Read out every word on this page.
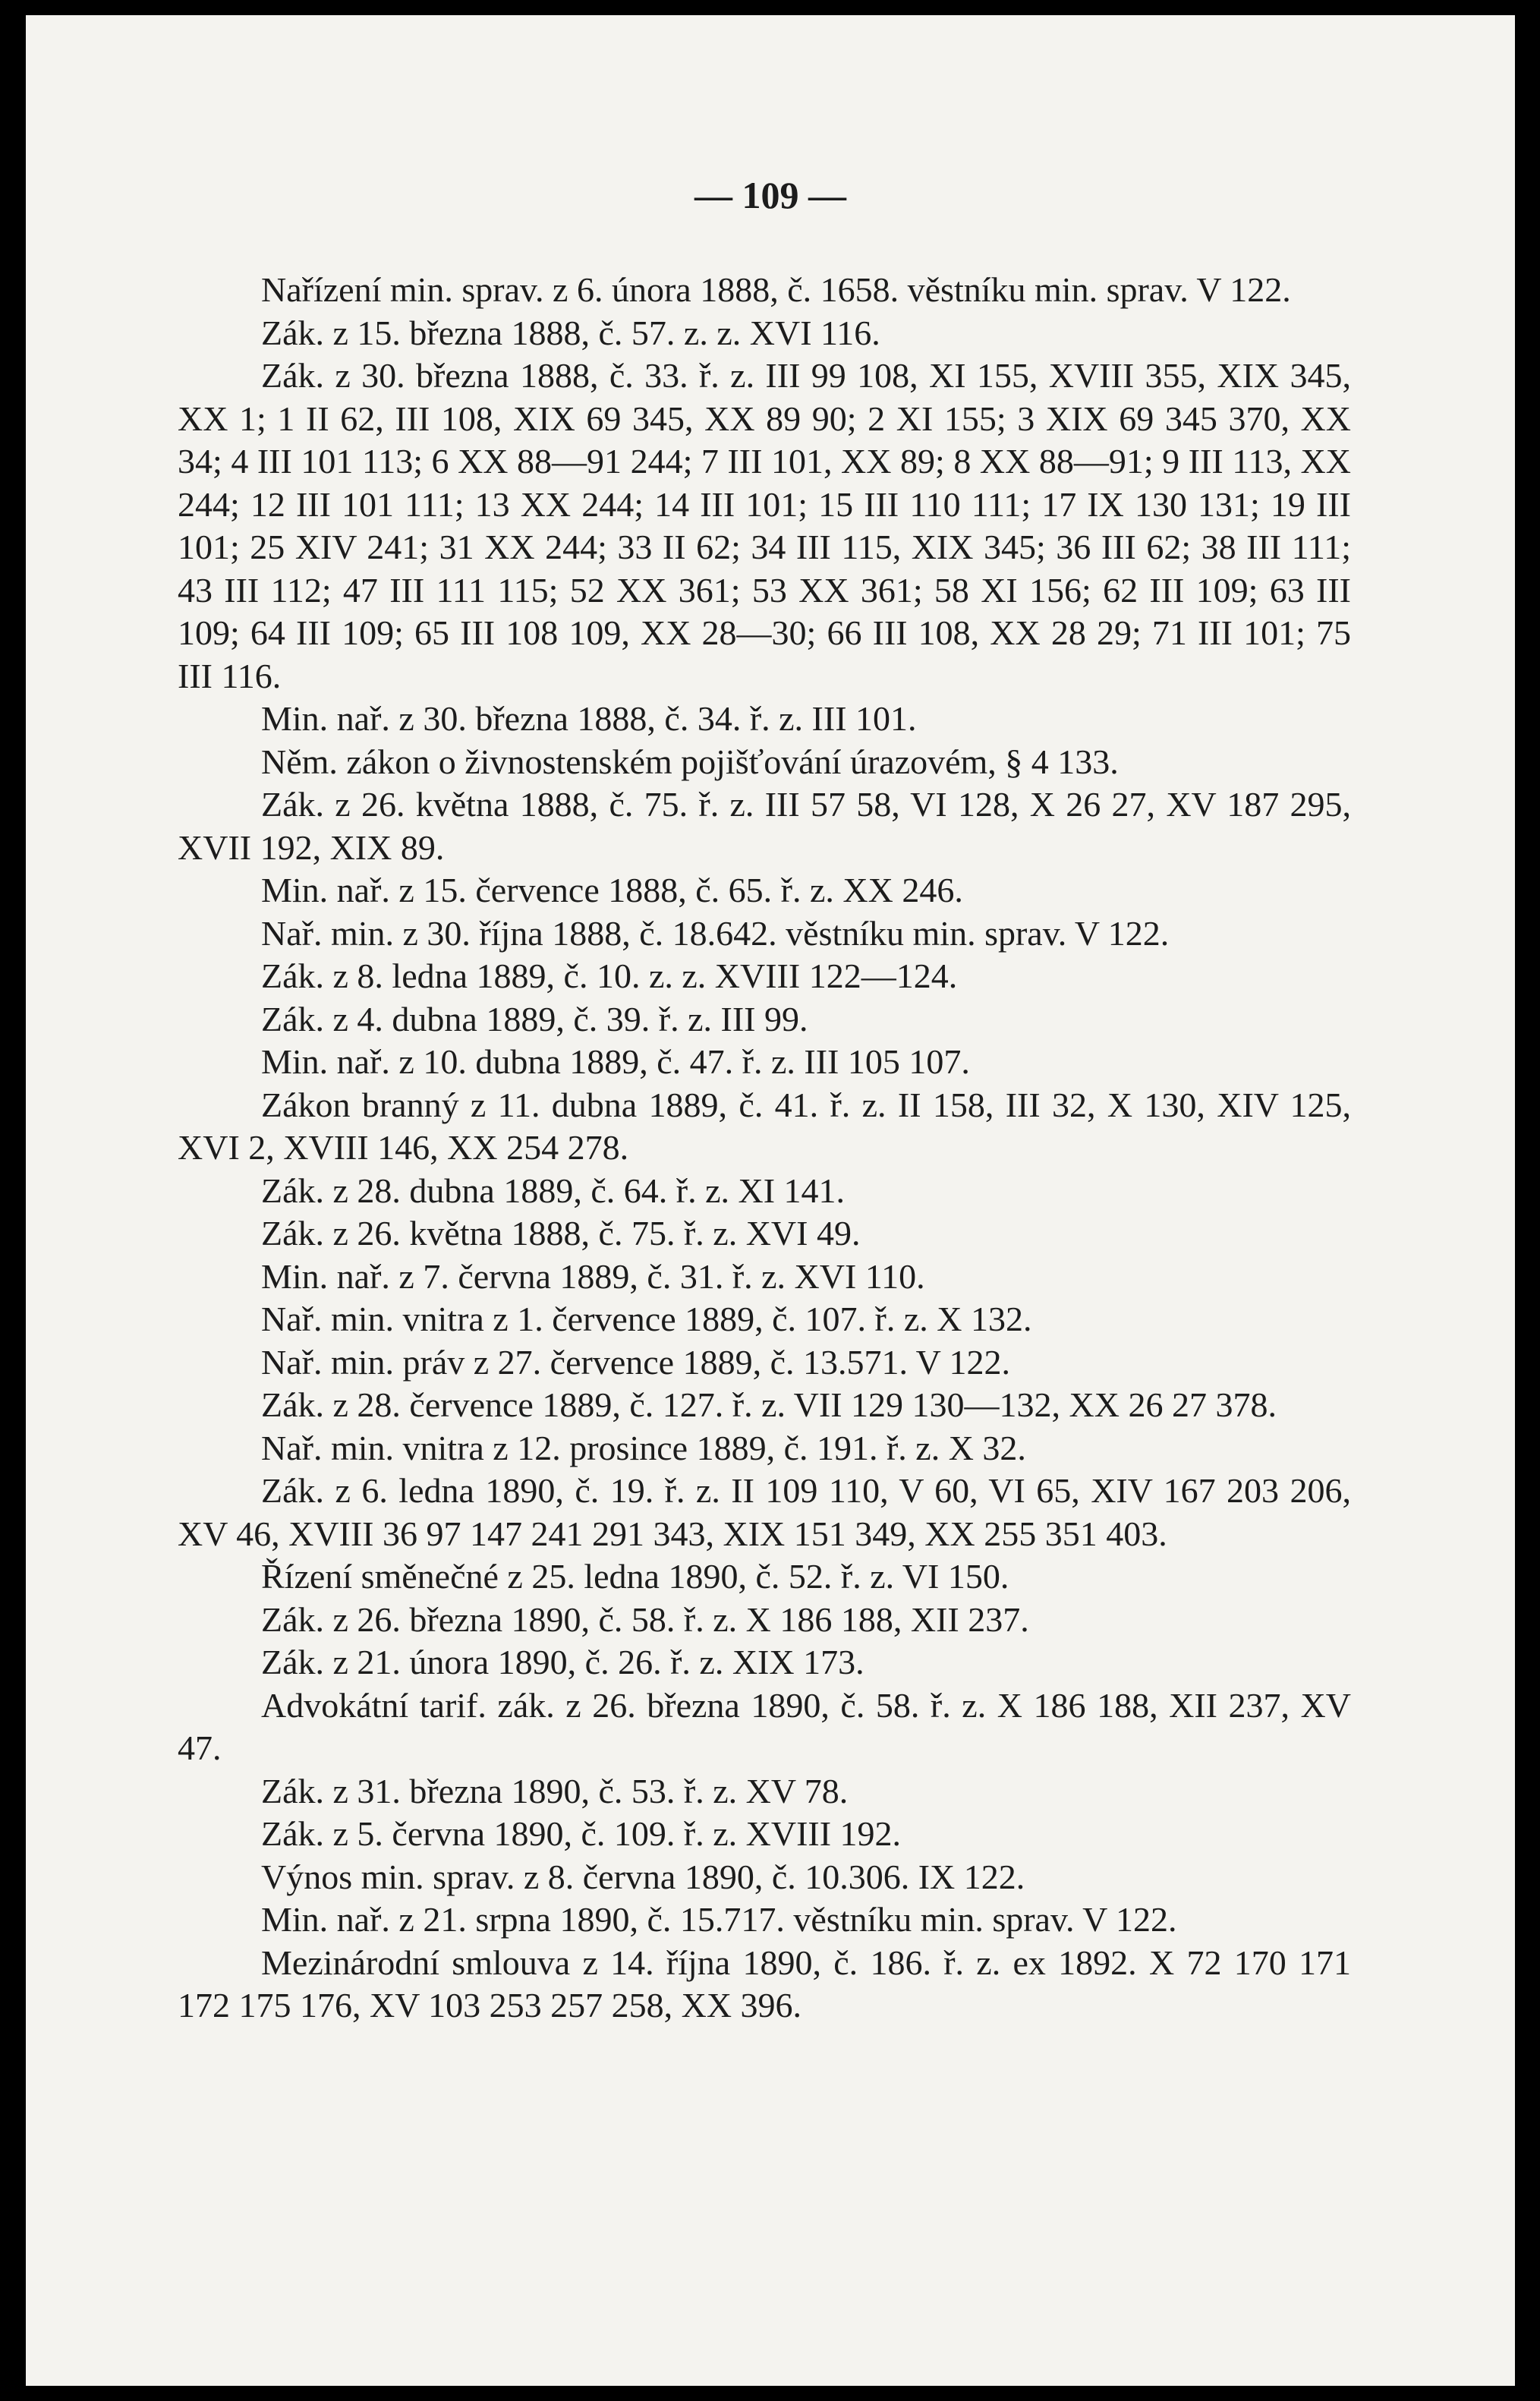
— 109 —

Nařízení min. sprav. z 6. února 1888, č. 1658. věstníku min. sprav. V 122.

Zák. z 15. března 1888, č. 57. z. z. XVI 116.

Zák. z 30. března 1888, č. 33. ř. z. III 99 108, XI 155, XVIII 355, XIX 345, XX 1; 1 II 62, III 108, XIX 69 345, XX 89 90; 2 XI 155; 3 XIX 69 345 370, XX 34; 4 III 101 113; 6 XX 88—91 244; 7 III 101, XX 89; 8 XX 88—91; 9 III 113, XX 244; 12 III 101 111; 13 XX 244; 14 III 101; 15 III 110 111; 17 IX 130 131; 19 III 101; 25 XIV 241; 31 XX 244; 33 II 62; 34 III 115, XIX 345; 36 III 62; 38 III 111; 43 III 112; 47 III 111 115; 52 XX 361; 53 XX 361; 58 XI 156; 62 III 109; 63 III 109; 64 III 109; 65 III 108 109, XX 28—30; 66 III 108, XX 28 29; 71 III 101; 75 III 116.

Min. nař. z 30. března 1888, č. 34. ř. z. III 101.

Něm. zákon o živnostenském pojišťování úrazovém, § 4 133.

Zák. z 26. května 1888, č. 75. ř. z. III 57 58, VI 128, X 26 27, XV 187 295, XVII 192, XIX 89.

Min. nař. z 15. července 1888, č. 65. ř. z. XX 246.

Nař. min. z 30. října 1888, č. 18.642. věstníku min. sprav. V 122.

Zák. z 8. ledna 1889, č. 10. z. z. XVIII 122—124.

Zák. z 4. dubna 1889, č. 39. ř. z. III 99.

Min. nař. z 10. dubna 1889, č. 47. ř. z. III 105 107.

Zákon branný z 11. dubna 1889, č. 41. ř. z. II 158, III 32, X 130, XIV 125, XVI 2, XVIII 146, XX 254 278.

Zák. z 28. dubna 1889, č. 64. ř. z. XI 141.

Zák. z 26. května 1888, č. 75. ř. z. XVI 49.

Min. nař. z 7. června 1889, č. 31. ř. z. XVI 110.

Nař. min. vnitra z 1. července 1889, č. 107. ř. z. X 132.

Nař. min. práv z 27. července 1889, č. 13.571. V 122.

Zák. z 28. července 1889, č. 127. ř. z. VII 129 130—132, XX 26 27 378.

Nař. min. vnitra z 12. prosince 1889, č. 191. ř. z. X 32.

Zák. z 6. ledna 1890, č. 19. ř. z. II 109 110, V 60, VI 65, XIV 167 203 206, XV 46, XVIII 36 97 147 241 291 343, XIX 151 349, XX 255 351 403.

Řízení směnečné z 25. ledna 1890, č. 52. ř. z. VI 150.

Zák. z 26. března 1890, č. 58. ř. z. X 186 188, XII 237.

Zák. z 21. února 1890, č. 26. ř. z. XIX 173.

Advokátní tarif. zák. z 26. března 1890, č. 58. ř. z. X 186 188, XII 237, XV 47.

Zák. z 31. března 1890, č. 53. ř. z. XV 78.

Zák. z 5. června 1890, č. 109. ř. z. XVIII 192.

Výnos min. sprav. z 8. června 1890, č. 10.306. IX 122.

Min. nař. z 21. srpna 1890, č. 15.717. věstníku min. sprav. V 122.

Mezinárodní smlouva z 14. října 1890, č. 186. ř. z. ex 1892. X 72 170 171 172 175 176, XV 103 253 257 258, XX 396.
